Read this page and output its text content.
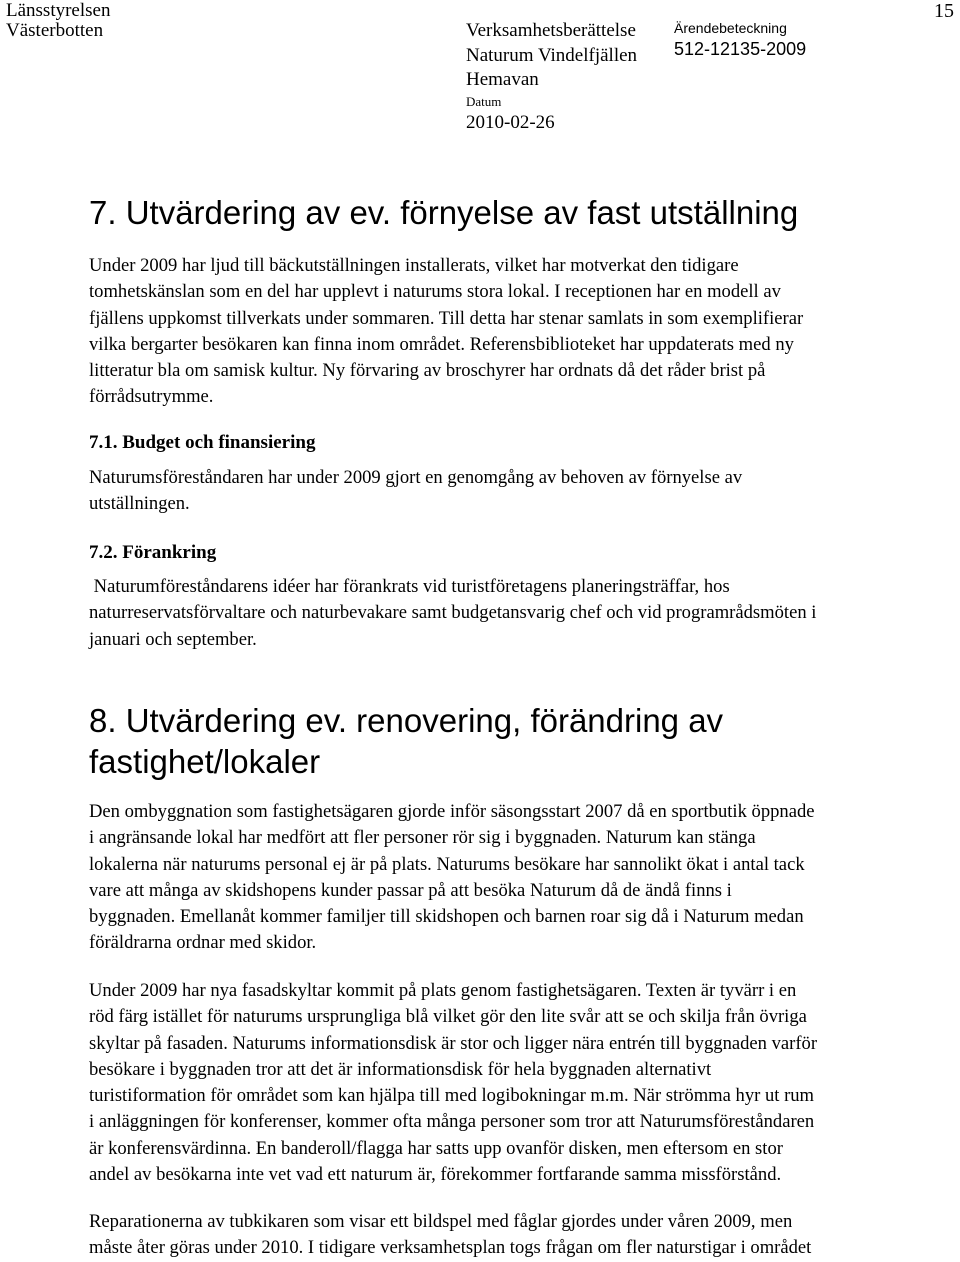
Länsstyrelsen
Västerbotten	Verksamhetsberättelse
Naturum Vindelfjällen
Hemavan
Datum
2010-02-26
Ärendebeteckning
512-12135-2009
15
7. Utvärdering av ev. förnyelse av fast utställning

Under 2009 har ljud till bäckutställningen installerats, vilket har motverkat den tidigare
tomhetskänslan som en del har upplevt i naturums stora lokal. I receptionen har en modell av
fjällens uppkomst tillverkats under sommaren. Till detta har stenar samlats in som exemplifierar
vilka bergarter besökaren kan finna inom området. Referensbiblioteket har uppdaterats med ny
litteratur bla om samisk kultur. Ny förvaring av broschyrer har ordnats då det råder brist på
förrådsutrymme.

7.1. Budget och finansiering

Naturumsföreståndaren har under 2009 gjort en genomgång av behoven av förnyelse av
utställningen.

7.2. Förankring

Naturumföreståndarens idéer har förankrats vid turistföretagens planeringsträffar, hos
naturreservatsförvaltare och naturbevakare samt budgetansvarig chef och vid programrådsmöten i
januari och september.

8. Utvärdering ev. renovering, förändring av
fastighet/lokaler

Den ombyggnation som fastighetsägaren gjorde inför säsongsstart 2007 då en sportbutik öppnade
i angränsande lokal har medfört att fler personer rör sig i byggnaden. Naturum kan stänga
lokalerna när naturums personal ej är på plats. Naturums besökare har sannolikt ökat i antal tack
vare att många av skidshopens kunder passar på att besöka Naturum då de ändå finns i
byggnaden. Emellanåt kommer familjer till skidshopen och barnen roar sig då i Naturum medan
föräldrarna ordnar med skidor.

Under 2009 har nya fasadskyltar kommit på plats genom fastighetsägaren. Texten är tyvärr i en
röd färg istället för naturums ursprungliga blå vilket gör den lite svår att se och skilja från övriga
skyltar på fasaden. Naturums informationsdisk är stor och ligger nära entrén till byggnaden varför
besökare i byggnaden tror att det är informationsdisk för hela byggnaden alternativt
turistiformation för området som kan hjälpa till med logibokningar m.m. När strömma hyr ut rum
i anläggningen för konferenser, kommer ofta många personer som tror att Naturumsföreståndaren
är konferensvärdinna. En banderoll/flagga har satts upp ovanför disken, men eftersom en stor
andel av besökarna inte vet vad ett naturum är, förekommer fortfarande samma missförstånd.

Reparationerna av tubkikaren som visar ett bildspel med fåglar gjordes under våren 2009, men
måste åter göras under 2010. I tidigare verksamhetsplan togs frågan om fler naturstigar i området
